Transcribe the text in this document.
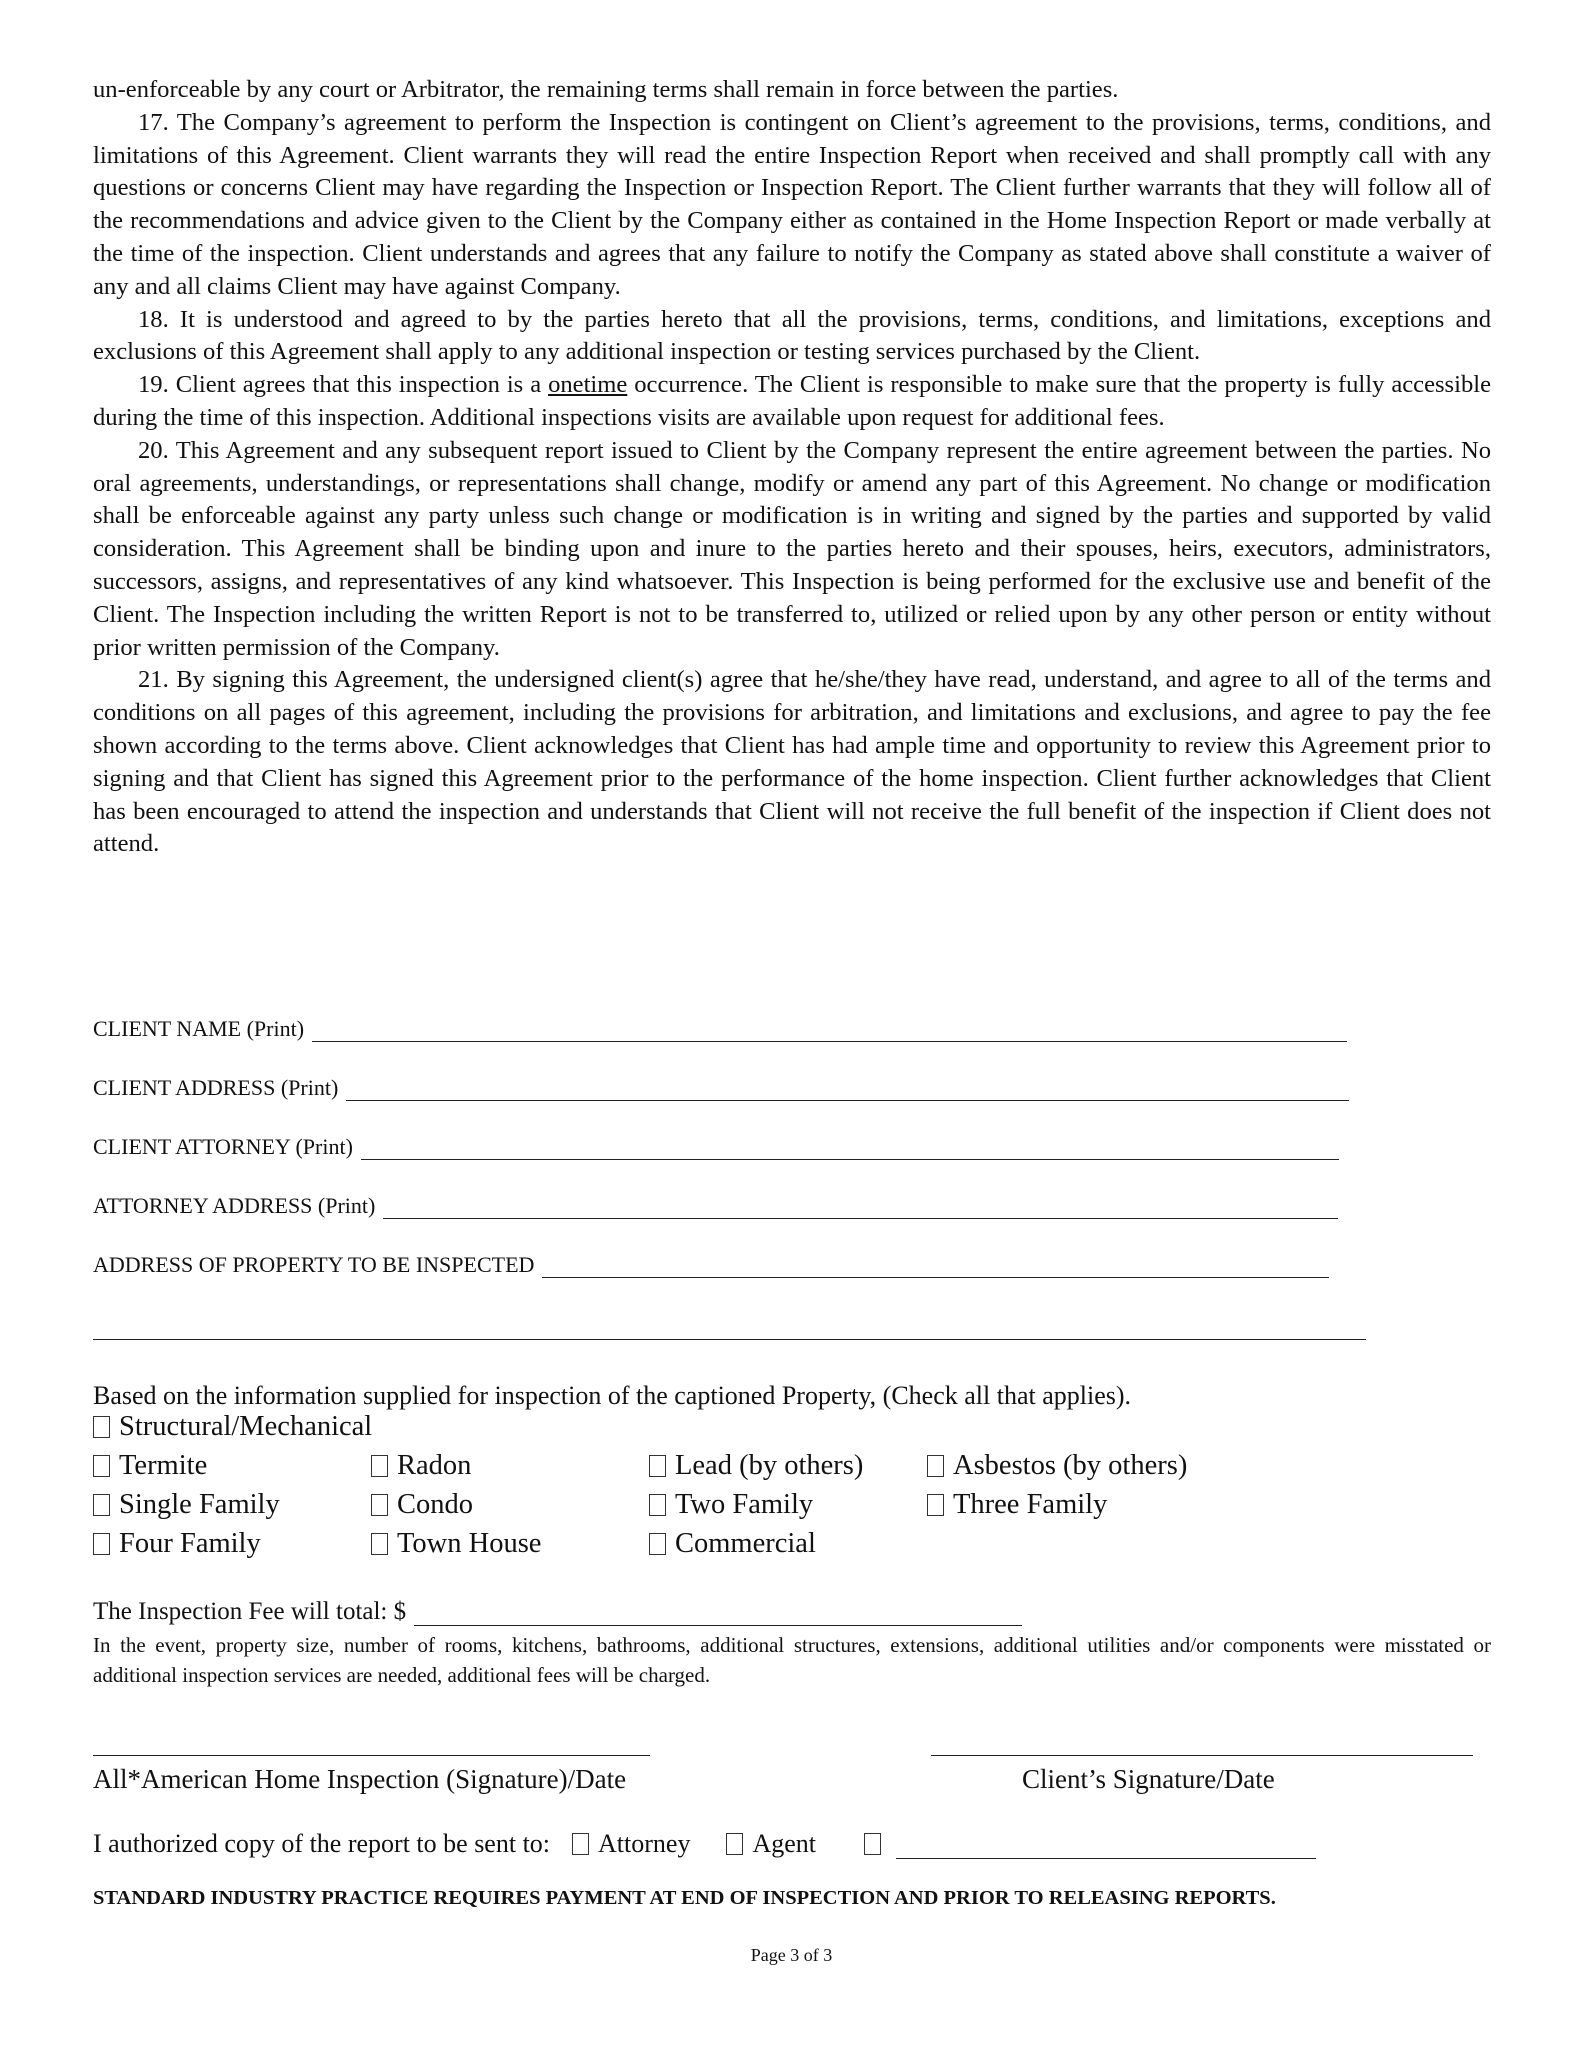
un-enforceable by any court or Arbitrator, the remaining terms shall remain in force between the parties.

17. The Company’s agreement to perform the Inspection is contingent on Client’s agreement to the provisions, terms, conditions, and limitations of this Agreement. Client warrants they will read the entire Inspection Report when received and shall promptly call with any questions or concerns Client may have regarding the Inspection or Inspection Report. The Client further warrants that they will follow all of the recommendations and advice given to the Client by the Company either as contained in the Home Inspection Report or made verbally at the time of the inspection. Client understands and agrees that any failure to notify the Company as stated above shall constitute a waiver of any and all claims Client may have against Company.

18. It is understood and agreed to by the parties hereto that all the provisions, terms, conditions, and limitations, exceptions and exclusions of this Agreement shall apply to any additional inspection or testing services purchased by the Client.

19. Client agrees that this inspection is a onetime occurrence. The Client is responsible to make sure that the property is fully accessible during the time of this inspection. Additional inspections visits are available upon request for additional fees.

20. This Agreement and any subsequent report issued to Client by the Company represent the entire agreement between the parties. No oral agreements, understandings, or representations shall change, modify or amend any part of this Agreement. No change or modification shall be enforceable against any party unless such change or modification is in writing and signed by the parties and supported by valid consideration. This Agreement shall be binding upon and inure to the parties hereto and their spouses, heirs, executors, administrators, successors, assigns, and representatives of any kind whatsoever. This Inspection is being performed for the exclusive use and benefit of the Client. The Inspection including the written Report is not to be transferred to, utilized or relied upon by any other person or entity without prior written permission of the Company.

21. By signing this Agreement, the undersigned client(s) agree that he/she/they have read, understand, and agree to all of the terms and conditions on all pages of this agreement, including the provisions for arbitration, and limitations and exclusions, and agree to pay the fee shown according to the terms above. Client acknowledges that Client has had ample time and opportunity to review this Agreement prior to signing and that Client has signed this Agreement prior to the performance of the home inspection. Client further acknowledges that Client has been encouraged to attend the inspection and understands that Client will not receive the full benefit of the inspection if Client does not attend.

CLIENT NAME (Print)
CLIENT ADDRESS (Print)
CLIENT ATTORNEY (Print)
ATTORNEY ADDRESS (Print)
ADDRESS OF PROPERTY TO BE INSPECTED
Based on the information supplied for inspection of the captioned Property, (Check all that applies).
Structural/Mechanical
Termite	Radon	Lead (by others)	Asbestos (by others)
Single Family	Condo	Two Family	Three Family
Four Family	Town House	Commercial
The Inspection Fee will total: $
In the event, property size, number of rooms, kitchens, bathrooms, additional structures, extensions, additional utilities and/or components were misstated or additional inspection services are needed, additional fees will be charged.
All*American Home Inspection (Signature)/Date	Client’s Signature/Date
I authorized copy of the report to be sent to:	Attorney	Agent
STANDARD INDUSTRY PRACTICE REQUIRES PAYMENT AT END OF INSPECTION AND PRIOR TO RELEASING REPORTS.
Page 3 of 3
